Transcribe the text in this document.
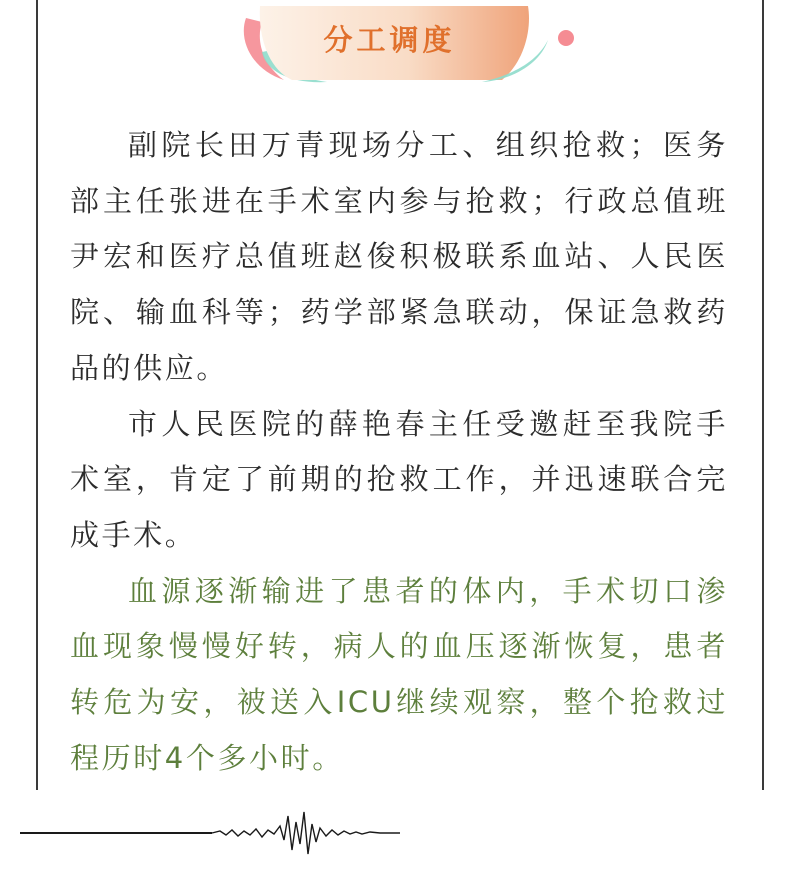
分工调度

副院长田万青现场分工、组织抢救；医务部主任张进在手术室内参与抢救；行政总值班尹宏和医疗总值班赵俊积极联系血站、人民医院、输血科等；药学部紧急联动，保证急救药品的供应。

市人民医院的薛艳春主任受邀赶至我院手术室，肯定了前期的抢救工作，并迅速联合完成手术。

血源逐渐输进了患者的体内，手术切口渗血现象慢慢好转，病人的血压逐渐恢复，患者转危为安，被送入ICU继续观察，整个抢救过程历时4个多小时。
